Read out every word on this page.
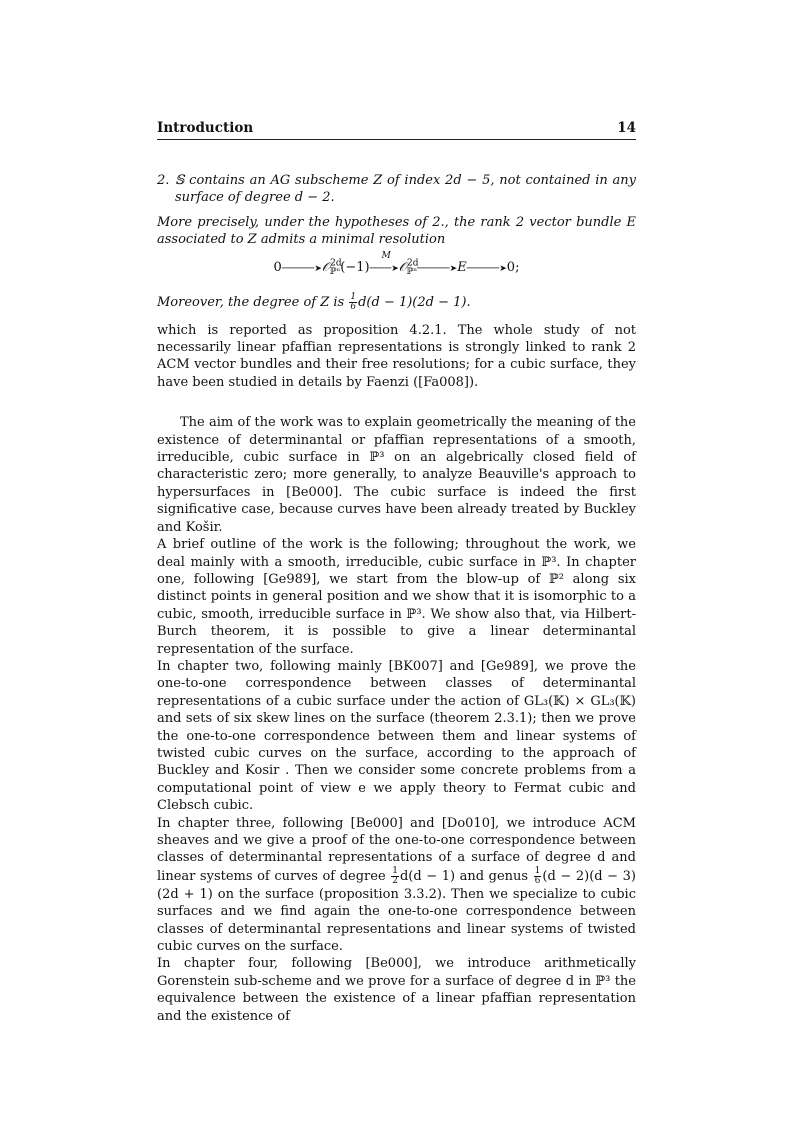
Introduction	14

2. 𝕊 contains an AG subscheme Z of index 2d − 5, not contained in any surface of degree d − 2.

More precisely, under the hypotheses of 2., the rank 2 vector bundle E associated to Z admits a minimal resolution

0──────➤𝒪$^{2d}_{ℙ^n}$(−1)
M
────➤𝒪$^{2d}_{ℙ^n}$──────➤E──────➤0;

Moreover, the degree of Z is $\frac{1}{6} d(d - 1)(2d - 1)$.

which is reported as proposition 4.2.1. The whole study of not necessarily linear pfaffian representations is strongly linked to rank 2 ACM vector bundles and their free resolutions; for a cubic surface, they have been studied in details by Faenzi ([Fa008]).

The aim of the work was to explain geometrically the meaning of the existence of determinantal or pfaffian representations of a smooth, irreducible, cubic surface in ℙ³ on an algebrically closed field of characteristic zero; more generally, to analyze Beauville's approach to hypersurfaces in [Be000]. The cubic surface is indeed the first significative case, because curves have been already treated by Buckley and Košir.

A brief outline of the work is the following; throughout the work, we deal mainly with a smooth, irreducible, cubic surface in ℙ³. In chapter one, following [Ge989], we start from the blow-up of ℙ² along six distinct points in general position and we show that it is isomorphic to a cubic, smooth, irreducible surface in ℙ³. We show also that, via Hilbert-Burch theorem, it is possible to give a linear determinantal representation of the surface.

In chapter two, following mainly [BK007] and [Ge989], we prove the one-to-one correspondence between classes of determinantal representations of a cubic surface under the action of GL₃(𝕂) × GL₃(𝕂) and sets of six skew lines on the surface (theorem 2.3.1); then we prove the one-to-one correspondence between them and linear systems of twisted cubic curves on the surface, according to the approach of Buckley and Kosir . Then we consider some concrete problems from a computational point of view e we apply theory to Fermat cubic and Clebsch cubic.

In chapter three, following [Be000] and [Do010], we introduce ACM sheaves and we give a proof of the one-to-one correspondence between classes of determinantal representations of a surface of degree d and linear systems of curves of degree $\frac{1}{2} d(d - 1)$ and genus $\frac{1}{6} (d - 2)(d - 3)(2d + 1)$ on the surface (proposition 3.3.2). Then we specialize to cubic surfaces and we find again the one-to-one correspondence between classes of determinantal representations and linear systems of twisted cubic curves on the surface.

In chapter four, following [Be000], we introduce arithmetically Gorenstein sub-scheme and we prove for a surface of degree d in ℙ³ the equivalence between the existence of a linear pfaffian representation and the existence of
